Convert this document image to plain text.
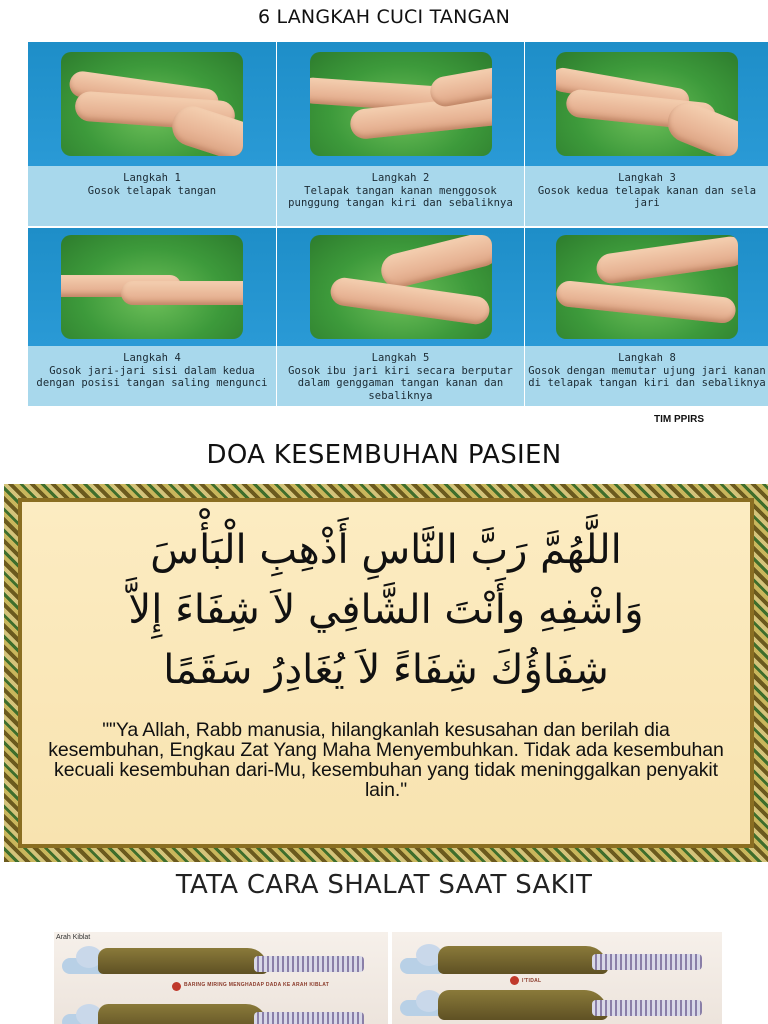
6 LANGKAH CUCI TANGAN
Langkah 1
Gosok telapak tangan
Langkah 2
Telapak tangan kanan menggosok punggung tangan kiri dan sebaliknya
Langkah 3
Gosok kedua telapak kanan dan sela jari
Langkah 4
Gosok jari-jari sisi dalam kedua dengan posisi tangan saling mengunci
Langkah 5
Gosok ibu jari kiri secara berputar dalam genggaman tangan kanan dan sebaliknya
Langkah 8
Gosok dengan memutar ujung jari kanan di telapak tangan kiri dan sebaliknya
TIM PPIRS
DOA KESEMBUHAN PASIEN
اللَّهُمَّ رَبَّ النَّاسِ أَذْهِبِ الْبَأْسَ
وَاشْفِهِ وأَنْتَ الشَّافِي لاَ شِفَاءَ إِلاَّ
شِفَاؤُكَ شِفَاءً لاَ يُغَادِرُ سَقَمًا
""Ya Allah, Rabb manusia, hilangkanlah kesusahan dan berilah dia kesembuhan, Engkau Zat Yang Maha Menyembuhkan. Tidak ada kesembuhan kecuali kesembuhan dari-Mu, kesembuhan yang tidak meninggalkan penyakit lain."
TATA CARA SHALAT SAAT SAKIT
Arah Kiblat
BARING MIRING MENGHADAP DADA KE ARAH KIBLAT
I'TIDAL
